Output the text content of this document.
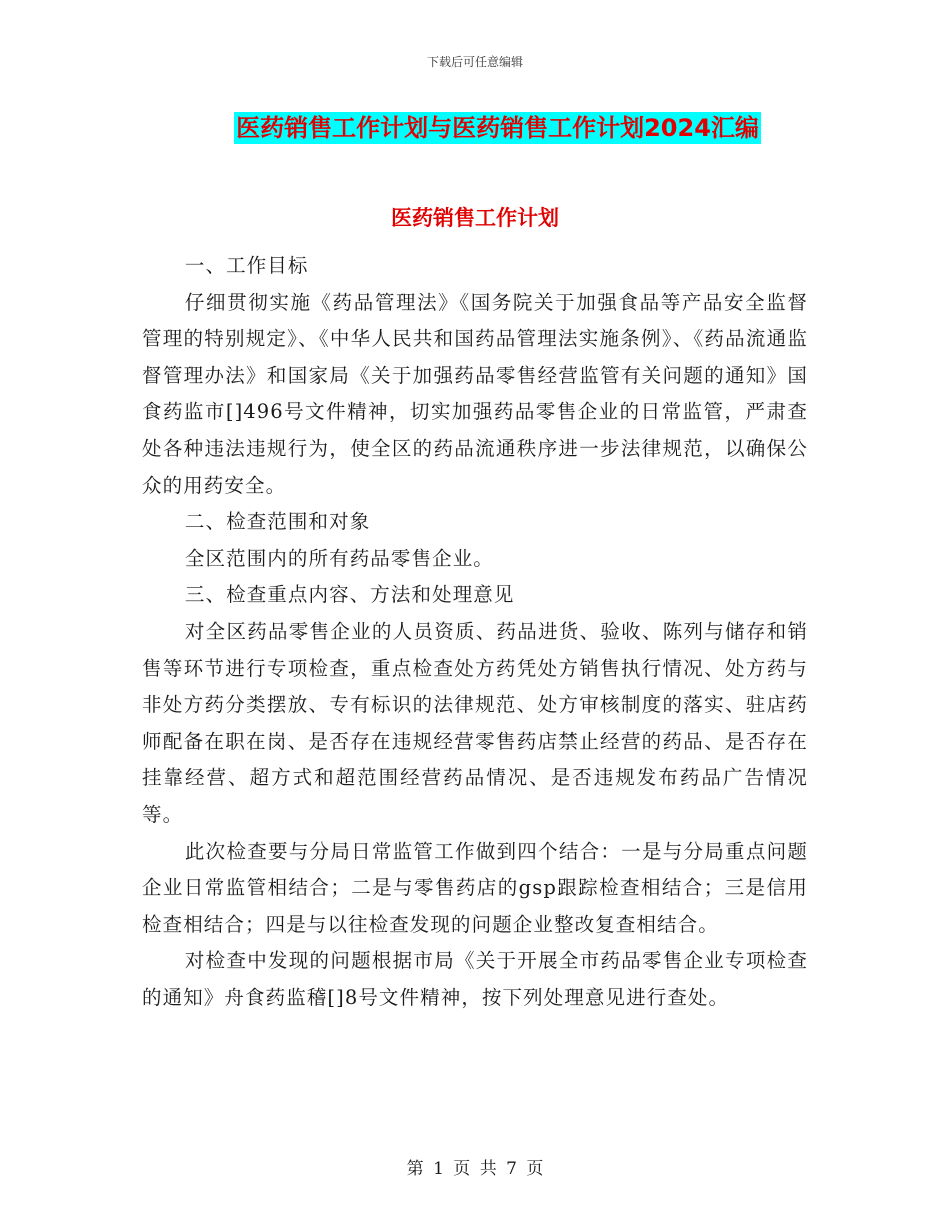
下载后可任意编辑
医药销售工作计划与医药销售工作计划2024汇编
医药销售工作计划

一、工作目标

仔细贯彻实施《药品管理法》《国务院关于加强食品等产品安全监督管理的特别规定》、《中华人民共和国药品管理法实施条例》、《药品流通监督管理办法》和国家局《关于加强药品零售经营监管有关问题的通知》国食药监市[]496号文件精神，切实加强药品零售企业的日常监管，严肃查处各种违法违规行为，使全区的药品流通秩序进一步法律规范，以确保公众的用药安全。

二、检查范围和对象

全区范围内的所有药品零售企业。

三、检查重点内容、方法和处理意见

对全区药品零售企业的人员资质、药品进货、验收、陈列与储存和销售等环节进行专项检查，重点检查处方药凭处方销售执行情况、处方药与非处方药分类摆放、专有标识的法律规范、处方审核制度的落实、驻店药师配备在职在岗、是否存在违规经营零售药店禁止经营的药品、是否存在挂靠经营、超方式和超范围经营药品情况、是否违规发布药品广告情况等。

此次检查要与分局日常监管工作做到四个结合：一是与分局重点问题企业日常监管相结合；二是与零售药店的gsp跟踪检查相结合；三是信用检查相结合；四是与以往检查发现的问题企业整改复查相结合。

对检查中发现的问题根据市局《关于开展全市药品零售企业专项检查的通知》舟食药监稽[]8号文件精神，按下列处理意见进行查处。

第 1 页 共 7 页
